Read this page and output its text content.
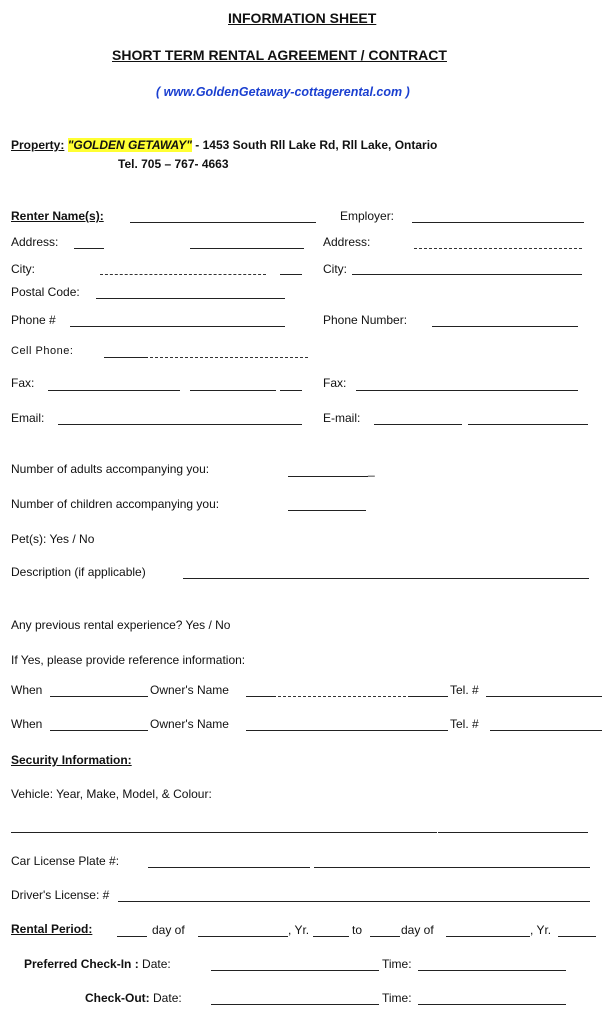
INFORMATION SHEET
SHORT TERM RENTAL AGREEMENT / CONTRACT
( www.GoldenGetaway-cottagerental.com )
Property: "GOLDEN GETAWAY" - 1453 South Rll Lake Rd, Rll Lake, Ontario
Tel. 705 – 767- 4663
Renter Name(s):	Employer:
Address:	Address:
City:	City:
Postal Code:
Phone #	Phone Number:
Cell Phone:
Fax:	Fax:
Email:	E-mail:
Number of adults accompanying you:	_
Number of children accompanying you:
Pet(s): Yes / No
Description (if applicable)
Any previous rental experience? Yes / No
If Yes, please provide reference information:
When	Owner's Name	Tel. #
When	Owner's Name	Tel. #
Security Information:
Vehicle: Year, Make, Model, & Colour:
Car License Plate #:
Driver's License: #
Rental Period:	day of	, Yr.	to	day of	, Yr.
Preferred Check-In : Date:	Time:
Check-Out: Date:	Time:
